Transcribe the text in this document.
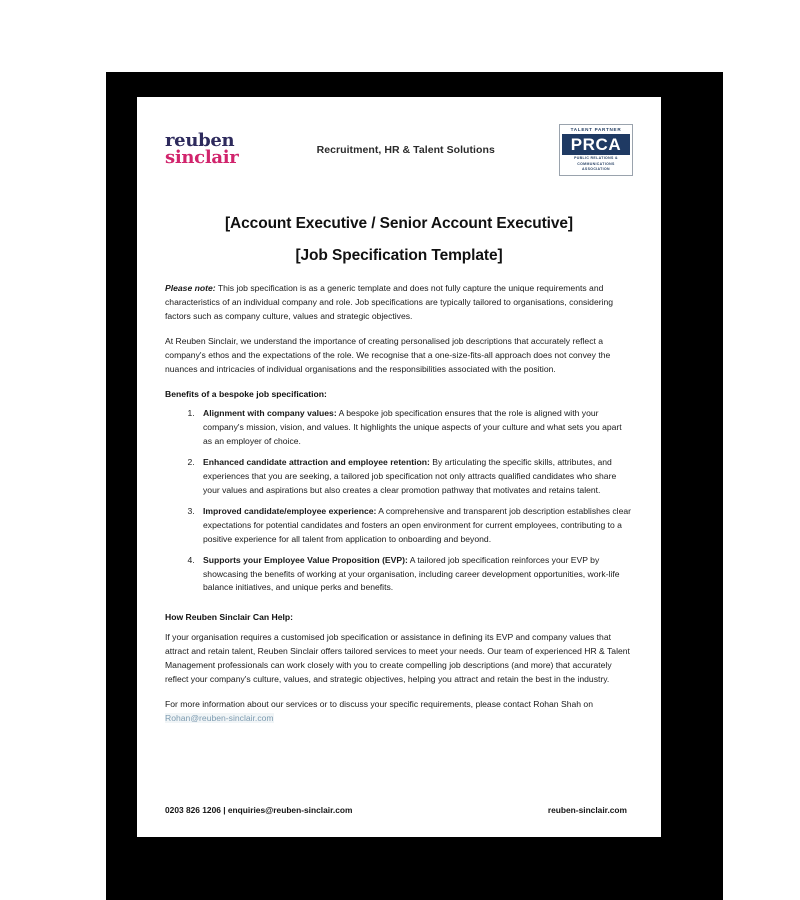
reuben
sinclair	Recruitment, HR & Talent Solutions
TALENT PARTNER
PRCA
PUBLIC RELATIONS &
COMMUNICATIONS
ASSOCIATION
[Account Executive / Senior Account Executive]
[Job Specification Template]

Please note: This job specification is as a generic template and does not fully capture the unique requirements and characteristics of an individual company and role. Job specifications are typically tailored to organisations, considering factors such as company culture, values and strategic objectives.

At Reuben Sinclair, we understand the importance of creating personalised job descriptions that accurately reflect a company's ethos and the expectations of the role. We recognise that a one-size-fits-all approach does not convey the nuances and intricacies of individual organisations and the responsibilities associated with the position.

Benefits of a bespoke job specification:

1. Alignment with company values: A bespoke job specification ensures that the role is aligned with your company's mission, vision, and values. It highlights the unique aspects of your culture and what sets you apart as an employer of choice.
2. Enhanced candidate attraction and employee retention: By articulating the specific skills, attributes, and experiences that you are seeking, a tailored job specification not only attracts qualified candidates who share your values and aspirations but also creates a clear promotion pathway that motivates and retains talent.
3. Improved candidate/employee experience: A comprehensive and transparent job description establishes clear expectations for potential candidates and fosters an open environment for current employees, contributing to a positive experience for all talent from application to onboarding and beyond.
4. Supports your Employee Value Proposition (EVP): A tailored job specification reinforces your EVP by showcasing the benefits of working at your organisation, including career development opportunities, work-life balance initiatives, and unique perks and benefits.

How Reuben Sinclair Can Help:

If your organisation requires a customised job specification or assistance in defining its EVP and company values that attract and retain talent, Reuben Sinclair offers tailored services to meet your needs. Our team of experienced HR & Talent Management professionals can work closely with you to create compelling job descriptions (and more) that accurately reflect your company's culture, values, and strategic objectives, helping you attract and retain the best in the industry.

For more information about our services or to discuss your specific requirements, please contact Rohan Shah on Rohan@reuben-sinclair.com

0203 826 1206 | enquiries@reuben-sinclair.com	reuben-sinclair.com
